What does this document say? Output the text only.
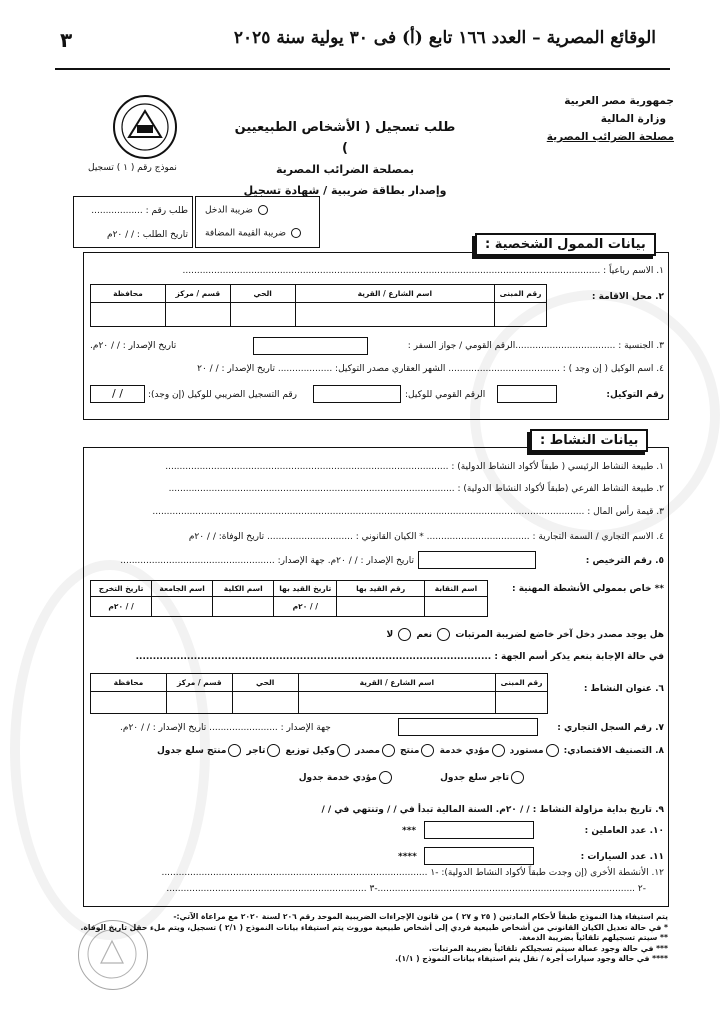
٣	الوقائع المصرية – العدد ١٦٦ تابع (أ) فى ٣٠ يولية سنة ٢٠٢٥
جمهورية مصر العربية
وزارة المالية
مصلحة الضرائب المصرية
طلب تسجيل ( الأشخاص الطبيعيين )
بمصلحة الضرائب المصرية
وإصدار بطاقة ضريبية / شهادة تسجيل
نموذج رقم ( ١ ) تسجيل
ضريبة الدخل
ضريبة القيمة المضافة
طلب رقم : ..................
تاريخ الطلب : / / ٢٠م
بيانات الممول الشخصية :
١. الاسم رباعياً : ..................................................................................................................................................
٢. محل الاقامة :
رقم المبنى	اسم الشارع / القرية	الحي	قسم / مركز	محافظة

٣. الجنسية : ...................................الرقم القومي / جواز السفر :
تاريخ الإصدار : / / ٢٠م.
٤. اسم الوكيل ( إن وجد ) : ....................................... الشهر العقاري مصدر التوكيل: ................... تاريخ الإصدار : / / ٢٠
رقم التوكيل:
الرقم القومي للوكيل:
رقم التسجيل الضريبي للوكيل (إن وجد):
/ /
بيانات النشاط :
١. طبيعة النشاط الرئيسي ( طبقاً لأكواد النشاط الدولية) : ...................................................................................................
٢. طبيعة النشاط الفرعي (طبقاً لأكواد النشاط الدولية) : ....................................................................................................
٣. قيمة رأس المال : .......................................................................................................................................................
٤. الاسم التجاري / السمة التجارية : .................................... * الكيان القانوني : .............................. تاريخ الوفاة: / / ٢٠م
٥. رقم الترخيص :
تاريخ الإصدار : / / ٢٠م. جهة الإصدار: ......................................................
** خاص بممولي الأنشطة المهنية :
اسم النقابة	رقم القيد بها	تاريخ القيد بها	اسم الكلية	اسم الجامعة	تاريخ التخرج
		/ / ٢٠م			/ / ٢٠م
هل يوجد مصدر دخل آخر خاضع لضريبة المرتبات  نعم  لا
في حالة الإجابة بنعم يذكر أسم الجهة : ........................................................................................................
٦. عنوان النشاط :
رقم المبنى	اسم الشارع / القرية	الحي	قسم / مركز	محافظة

٧. رقم السجل التجاري :
جهة الإصدار : ........................ تاريخ الإصدار : / / ٢٠م.
٨. التصنيف الاقتصادي: مستورد مؤدي خدمة منتج مصدر وكيل توزيع تاجر منتج سلع جدول
تاجر سلع جدول  مؤدي خدمة جدول
٩. تاريخ بداية مزاولة النشاط : / / ٢٠م. السنة المالية تبدأ في / / وتنتهي في / /
١٠. عدد العاملين :
***
١١. عدد السيارات :
****
١٢. الأنشطة الأخرى (إن وجدت طبقاً لأكواد النشاط الدولية): -١ .............................................................................................
-٢ ..........................................................................................-٣ ......................................................................
يتم استيفاء هذا النموذج طبقاً لأحكام المادتين ( ٢٥ و ٢٧ ) من قانون الإجراءات الضريبية الموحد رقم ٢٠٦ لسنة ٢٠٢٠ مع مراعاة الآتي:-
* في حالة تعديل الكيان القانوني من أشخاص طبيعية فردي إلى أشخاص طبيعية موروث يتم استيفاء بيانات النموذج ( ٢/١ ) تسجيل، ويتم ملء حقل تاريخ الوفاة.
** سيتم تسجيلهم تلقائياً بضريبة الدمغة.
*** في حالة وجود عمالة سيتم تسجيلكم تلقائياً بضريبة المرتبات.
**** في حالة وجود سيارات أجرة / نقل يتم استيفاء بيانات النموذج ( ١/١).
